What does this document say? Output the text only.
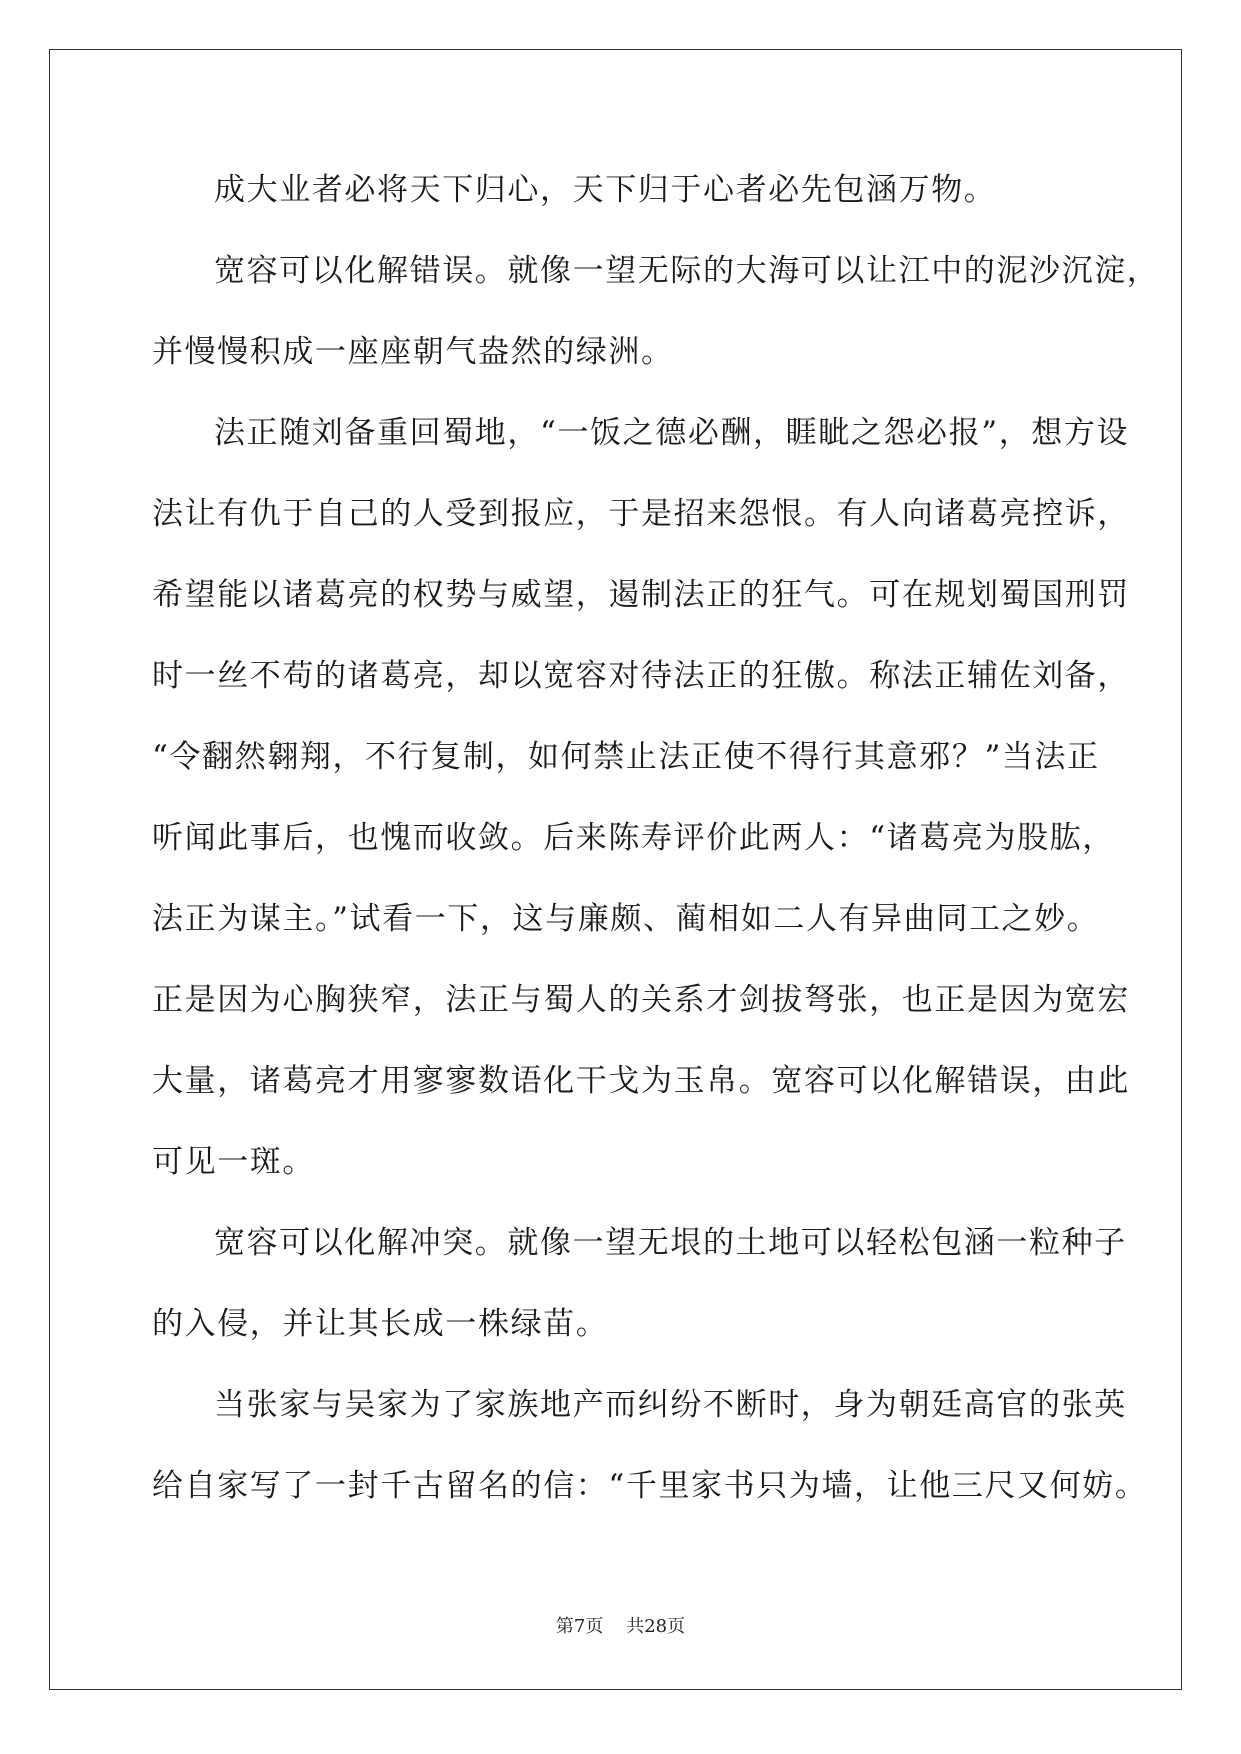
成大业者必将天下归心，天下归于心者必先包涵万物。
宽容可以化解错误。就像一望无际的大海可以让江中的泥沙沉淀，
并慢慢积成一座座朝气盎然的绿洲。
法正随刘备重回蜀地，“一饭之德必酬，睚眦之怨必报”，想方设
法让有仇于自己的人受到报应，于是招来怨恨。有人向诸葛亮控诉，
希望能以诸葛亮的权势与威望，遏制法正的狂气。可在规划蜀国刑罚
时一丝不苟的诸葛亮，却以宽容对待法正的狂傲。称法正辅佐刘备，
“令翻然翱翔，不行复制，如何禁止法正使不得行其意邪？”当法正
听闻此事后，也愧而收敛。后来陈寿评价此两人：“诸葛亮为股肱，
法正为谋主。”试看一下，这与廉颇、蔺相如二人有异曲同工之妙。
正是因为心胸狭窄，法正与蜀人的关系才剑拔弩张，也正是因为宽宏
大量，诸葛亮才用寥寥数语化干戈为玉帛。宽容可以化解错误，由此
可见一斑。
宽容可以化解冲突。就像一望无垠的土地可以轻松包涵一粒种子
的入侵，并让其长成一株绿苗。
当张家与吴家为了家族地产而纠纷不断时，身为朝廷高官的张英
给自家写了一封千古留名的信：“千里家书只为墙，让他三尺又何妨。
第7页 共28页
